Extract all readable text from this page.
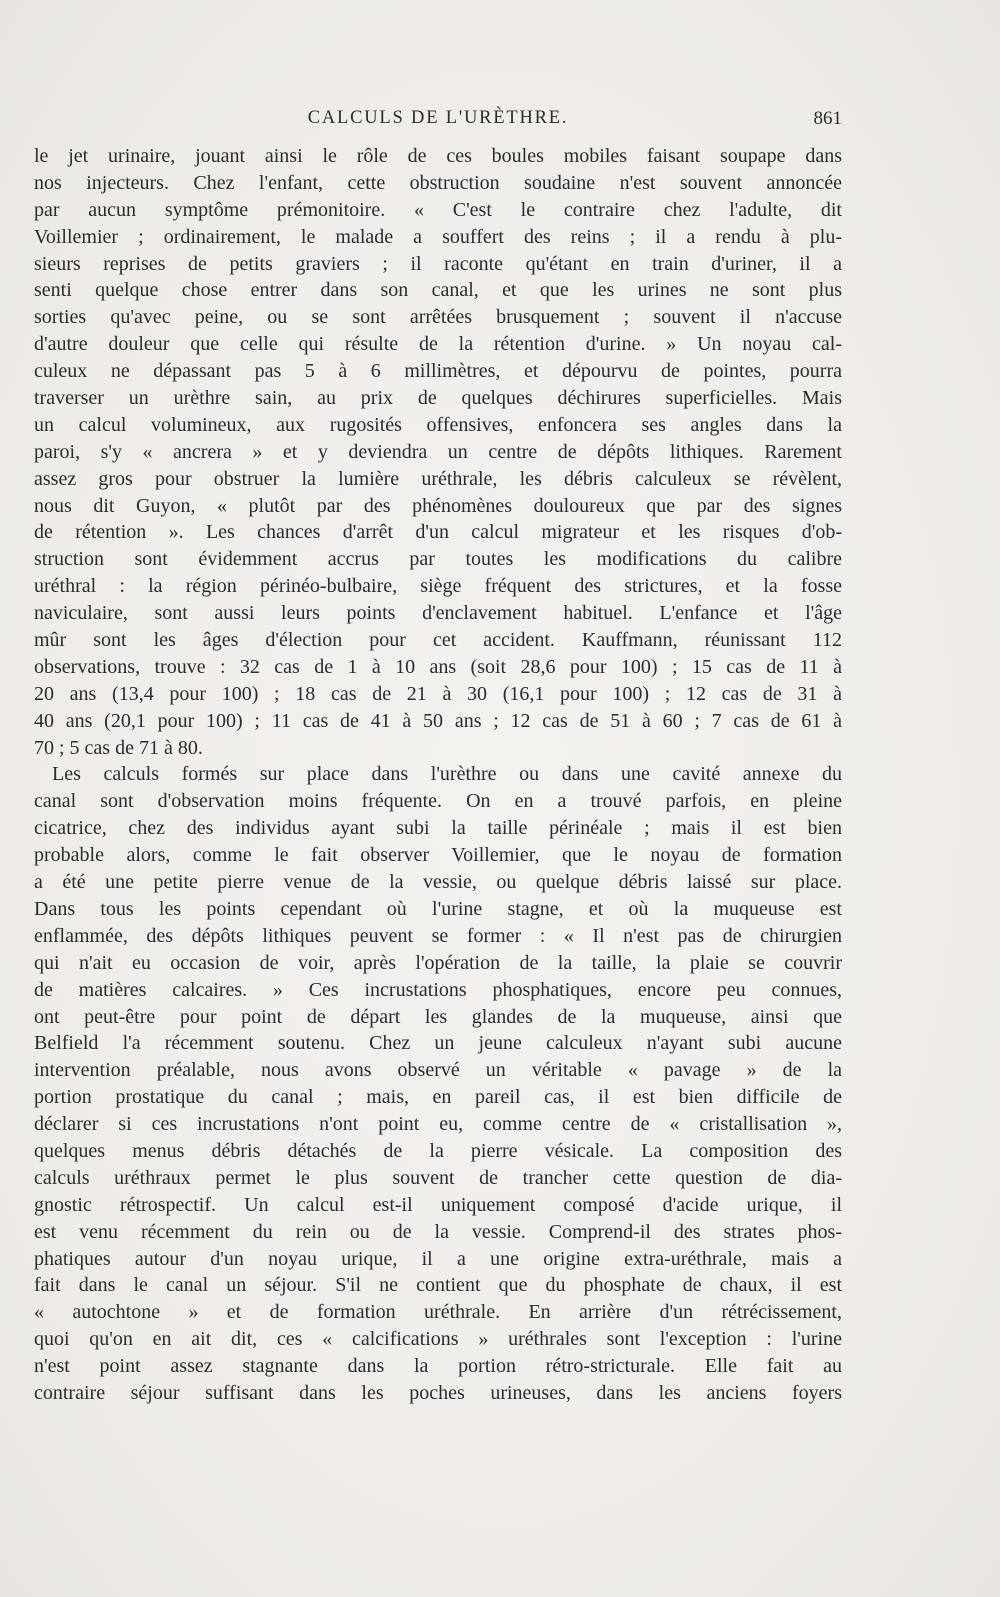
CALCULS DE L'URÈTHRE.	861
le jet urinaire, jouant ainsi le rôle de ces boules mobiles faisant soupape dans
nos injecteurs. Chez l'enfant, cette obstruction soudaine n'est souvent annoncée
par aucun symptôme prémonitoire. « C'est le contraire chez l'adulte, dit
Voillemier ; ordinairement, le malade a souffert des reins ; il a rendu à plu-
sieurs reprises de petits graviers ; il raconte qu'étant en train d'uriner, il a
senti quelque chose entrer dans son canal, et que les urines ne sont plus
sorties qu'avec peine, ou se sont arrêtées brusquement ; souvent il n'accuse
d'autre douleur que celle qui résulte de la rétention d'urine. » Un noyau cal-
culeux ne dépassant pas 5 à 6 millimètres, et dépourvu de pointes, pourra
traverser un urèthre sain, au prix de quelques déchirures superficielles. Mais
un calcul volumineux, aux rugosités offensives, enfoncera ses angles dans la
paroi, s'y « ancrera » et y deviendra un centre de dépôts lithiques. Rarement
assez gros pour obstruer la lumière uréthrale, les débris calculeux se révèlent,
nous dit Guyon, « plutôt par des phénomènes douloureux que par des signes
de rétention ». Les chances d'arrêt d'un calcul migrateur et les risques d'ob-
struction sont évidemment accrus par toutes les modifications du calibre
uréthral : la région périnéo-bulbaire, siège fréquent des strictures, et la fosse
naviculaire, sont aussi leurs points d'enclavement habituel. L'enfance et l'âge
mûr sont les âges d'élection pour cet accident. Kauffmann, réunissant 112
observations, trouve : 32 cas de 1 à 10 ans (soit 28,6 pour 100) ; 15 cas de 11 à
20 ans (13,4 pour 100) ; 18 cas de 21 à 30 (16,1 pour 100) ; 12 cas de 31 à
40 ans (20,1 pour 100) ; 11 cas de 41 à 50 ans ; 12 cas de 51 à 60 ; 7 cas de 61 à
70 ; 5 cas de 71 à 80.
Les calculs formés sur place dans l'urèthre ou dans une cavité annexe du
canal sont d'observation moins fréquente. On en a trouvé parfois, en pleine
cicatrice, chez des individus ayant subi la taille périnéale ; mais il est bien
probable alors, comme le fait observer Voillemier, que le noyau de formation
a été une petite pierre venue de la vessie, ou quelque débris laissé sur place.
Dans tous les points cependant où l'urine stagne, et où la muqueuse est
enflammée, des dépôts lithiques peuvent se former : « Il n'est pas de chirurgien
qui n'ait eu occasion de voir, après l'opération de la taille, la plaie se couvrir
de matières calcaires. » Ces incrustations phosphatiques, encore peu connues,
ont peut-être pour point de départ les glandes de la muqueuse, ainsi que
Belfield l'a récemment soutenu. Chez un jeune calculeux n'ayant subi aucune
intervention préalable, nous avons observé un véritable « pavage » de la
portion prostatique du canal ; mais, en pareil cas, il est bien difficile de
déclarer si ces incrustations n'ont point eu, comme centre de « cristallisation »,
quelques menus débris détachés de la pierre vésicale. La composition des
calculs uréthraux permet le plus souvent de trancher cette question de dia-
gnostic rétrospectif. Un calcul est-il uniquement composé d'acide urique, il
est venu récemment du rein ou de la vessie. Comprend-il des strates phos-
phatiques autour d'un noyau urique, il a une origine extra-uréthrale, mais a
fait dans le canal un séjour. S'il ne contient que du phosphate de chaux, il est
« autochtone » et de formation uréthrale. En arrière d'un rétrécissement,
quoi qu'on en ait dit, ces « calcifications » uréthrales sont l'exception : l'urine
n'est point assez stagnante dans la portion rétro-stricturale. Elle fait au
contraire séjour suffisant dans les poches urineuses, dans les anciens foyers
